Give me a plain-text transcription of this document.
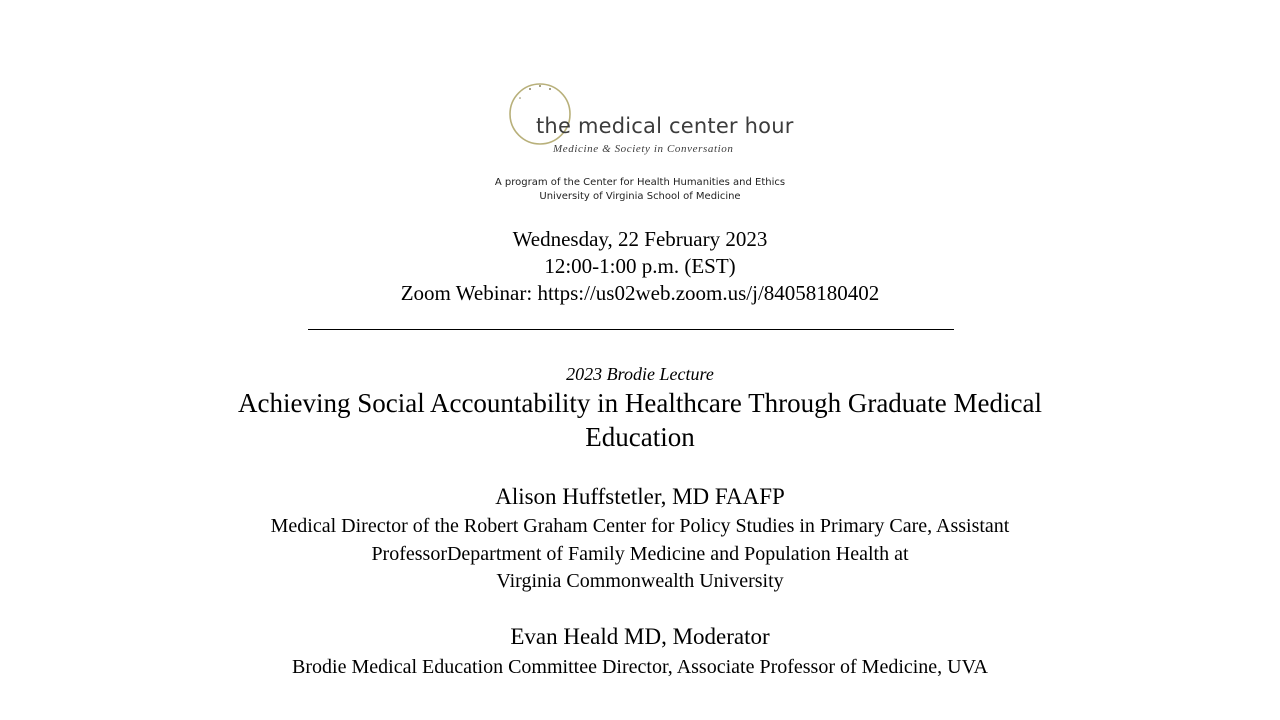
the medical center hour
Medicine & Society in Conversation
A program of the Center for Health Humanities and Ethics
University of Virginia School of Medicine
Wednesday, 22 February 2023
12:00-1:00 p.m. (EST)
Zoom Webinar: https://us02web.zoom.us/j/84058180402
2023 Brodie Lecture
Achieving Social Accountability in Healthcare Through Graduate Medical
Education
Alison Huffstetler, MD FAAFP
Medical Director of the Robert Graham Center for Policy Studies in Primary Care, Assistant
ProfessorDepartment of Family Medicine and Population Health at
Virginia Commonwealth University
Evan Heald MD, Moderator
Brodie Medical Education Committee Director, Associate Professor of Medicine, UVA
